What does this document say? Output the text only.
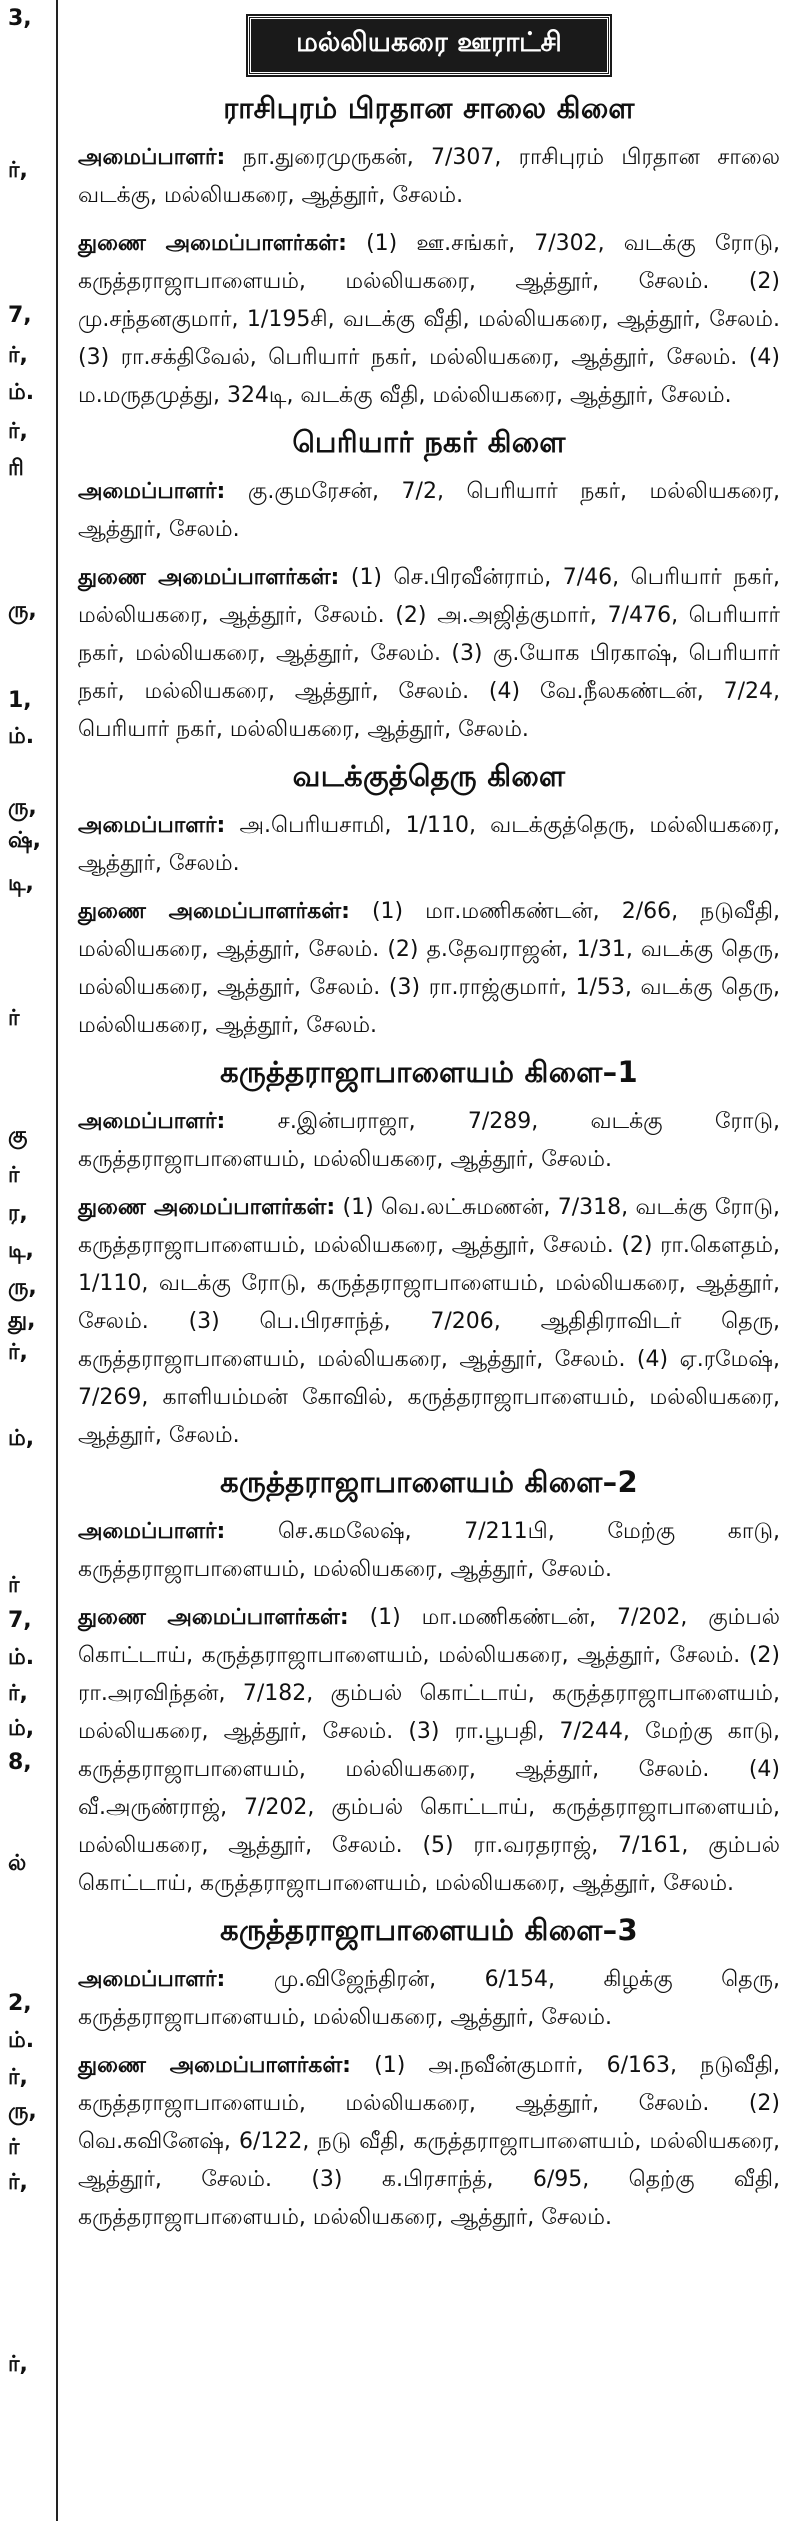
3,
ர்,
7,
ர்,
ம்.
ர்,
ரி
ரு,
1,
ம்.
ரு,
ஷ்,
டி,
ர்
கு
ர்
ர,
டி,
ரு,
து,
ர்,
ம்,
ர்
7,
ம்.
ர்,
ம்,
8,
ல்
2,
ம்.
ர்,
ரு,
ர்
ர்,
ர்,
மல்லியகரை ஊராட்சி
ராசிபுரம் பிரதான சாலை கிளை

அமைப்பாளர்: நா.துரைமுருகன், 7/307, ராசிபுரம் பிரதான சாலை வடக்கு, மல்லியகரை, ஆத்தூர், சேலம்.

துணை அமைப்பாளர்கள்: (1) ஊ.சங்கர், 7/302, வடக்கு ரோடு, கருத்தராஜாபாளையம், மல்லியகரை, ஆத்தூர், சேலம். (2) மு.சந்தனகுமார், 1/195சி, வடக்கு வீதி, மல்லியகரை, ஆத்தூர், சேலம். (3) ரா.சக்திவேல், பெரியார் நகர், மல்லியகரை, ஆத்தூர், சேலம். (4) ம.மருதமுத்து, 324டி, வடக்கு வீதி, மல்லியகரை, ஆத்தூர், சேலம்.

பெரியார் நகர் கிளை

அமைப்பாளர்: கு.குமரேசன், 7/2, பெரியார் நகர், மல்லியகரை, ஆத்தூர், சேலம்.

துணை அமைப்பாளர்கள்: (1) செ.பிரவீன்ராம், 7/46, பெரியார் நகர், மல்லியகரை, ஆத்தூர், சேலம். (2) அ.அஜித்குமார், 7/476, பெரியார் நகர், மல்லியகரை, ஆத்தூர், சேலம். (3) கு.யோக பிரகாஷ், பெரியார் நகர், மல்லியகரை, ஆத்தூர், சேலம். (4) வே.நீலகண்டன், 7/24, பெரியார் நகர், மல்லியகரை, ஆத்தூர், சேலம்.

வடக்குத்தெரு கிளை

அமைப்பாளர்: அ.பெரியசாமி, 1/110, வடக்குத்தெரு, மல்லியகரை, ஆத்தூர், சேலம்.

துணை அமைப்பாளர்கள்: (1) மா.மணிகண்டன், 2/66, நடுவீதி, மல்லியகரை, ஆத்தூர், சேலம். (2) த.தேவராஜன், 1/31, வடக்கு தெரு, மல்லியகரை, ஆத்தூர், சேலம். (3) ரா.ராஜ்குமார், 1/53, வடக்கு தெரு, மல்லியகரை, ஆத்தூர், சேலம்.

கருத்தராஜாபாளையம் கிளை–1

அமைப்பாளர்: ச.இன்பராஜா, 7/289, வடக்கு ரோடு, கருத்தராஜாபாளையம், மல்லியகரை, ஆத்தூர், சேலம்.

துணை அமைப்பாளர்கள்: (1) வெ.லட்சுமணன், 7/318, வடக்கு ரோடு, கருத்தராஜாபாளையம், மல்லியகரை, ஆத்தூர், சேலம். (2) ரா.கௌதம், 1/110, வடக்கு ரோடு, கருத்தராஜாபாளையம், மல்லியகரை, ஆத்தூர், சேலம். (3) பெ.பிரசாந்த், 7/206, ஆதிதிராவிடர் தெரு, கருத்தராஜாபாளையம், மல்லியகரை, ஆத்தூர், சேலம். (4) ஏ.ரமேஷ், 7/269, காளியம்மன் கோவில், கருத்தராஜாபாளையம், மல்லியகரை, ஆத்தூர், சேலம்.

கருத்தராஜாபாளையம் கிளை–2

அமைப்பாளர்: செ.கமலேஷ், 7/211பி, மேற்கு காடு, கருத்தராஜாபாளையம், மல்லியகரை, ஆத்தூர், சேலம்.

துணை அமைப்பாளர்கள்: (1) மா.மணிகண்டன், 7/202, கும்பல் கொட்டாய், கருத்தராஜாபாளையம், மல்லியகரை, ஆத்தூர், சேலம். (2) ரா.அரவிந்தன், 7/182, கும்பல் கொட்டாய், கருத்தராஜாபாளையம், மல்லியகரை, ஆத்தூர், சேலம். (3) ரா.பூபதி, 7/244, மேற்கு காடு, கருத்தராஜாபாளையம், மல்லியகரை, ஆத்தூர், சேலம். (4) வீ.அருண்ராஜ், 7/202, கும்பல் கொட்டாய், கருத்தராஜாபாளையம், மல்லியகரை, ஆத்தூர், சேலம். (5) ரா.வரதராஜ், 7/161, கும்பல் கொட்டாய், கருத்தராஜாபாளையம், மல்லியகரை, ஆத்தூர், சேலம்.

கருத்தராஜாபாளையம் கிளை–3

அமைப்பாளர்: மு.விஜேந்திரன், 6/154, கிழக்கு தெரு, கருத்தராஜாபாளையம், மல்லியகரை, ஆத்தூர், சேலம்.

துணை அமைப்பாளர்கள்: (1) அ.நவீன்குமார், 6/163, நடுவீதி, கருத்தராஜாபாளையம், மல்லியகரை, ஆத்தூர், சேலம். (2) வெ.கவினேஷ், 6/122, நடு வீதி, கருத்தராஜாபாளையம், மல்லியகரை, ஆத்தூர், சேலம். (3) க.பிரசாந்த், 6/95, தெற்கு வீதி, கருத்தராஜாபாளையம், மல்லியகரை, ஆத்தூர், சேலம்.
